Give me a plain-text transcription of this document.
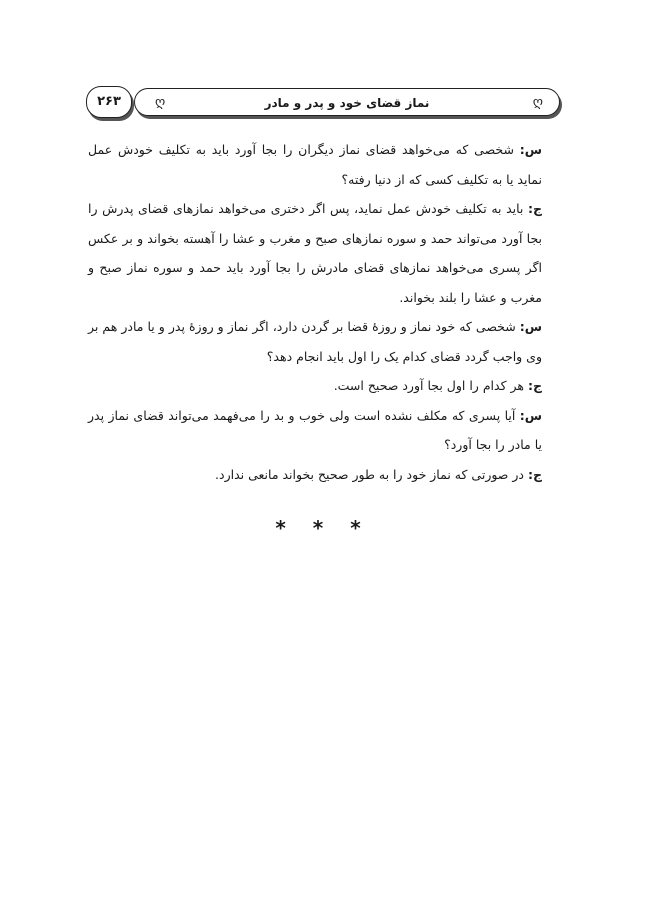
ღ	نماز قضای خود و پدر و مادر	ღ
۲۶۳

س: شخصی که می‌خواهد قضای نماز دیگران را بجا آورد باید به تکلیف خودش عمل نماید یا به تکلیف کسی که از دنیا رفته؟

ج: باید به تکلیف خودش عمل نماید، پس اگر دختری می‌خواهد نمازهای قضای پدرش را بجا آورد می‌تواند حمد و سوره نمازهای صبح و مغرب و عشا را آهسته بخواند و بر عکس اگر پسری می‌خواهد نمازهای قضای مادرش را بجا آورد باید حمد و سوره نماز صبح و مغرب و عشا را بلند بخواند.

س: شخصی که خود نماز و روزهٔ قضا بر گردن دارد، اگر نماز و روزهٔ پدر و یا مادر هم بر وی واجب گردد قضای کدام یک را اول باید انجام دهد؟

ج: هر کدام را اول بجا آورد صحیح است.

س: آیا پسری که مکلف نشده است ولی خوب و بد را می‌فهمد می‌تواند قضای نماز پدر یا مادر را بجا آورد؟

ج: در صورتی که نماز خود را به طور صحیح بخواند مانعی ندارد.

* * *
